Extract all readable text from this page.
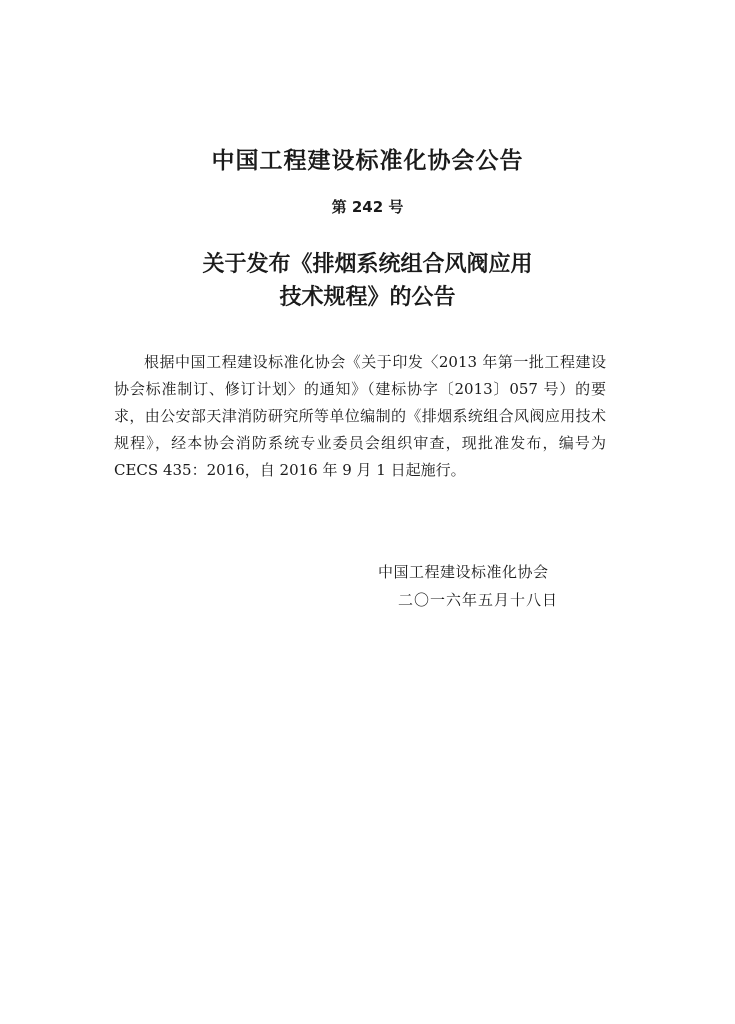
中国工程建设标准化协会公告

第 242 号

关于发布《排烟系统组合风阀应用
技术规程》的公告

根据中国工程建设标准化协会《关于印发〈2013 年第一批工程建设协会标准制订、修订计划〉的通知》（建标协字〔2013〕057 号）的要求，由公安部天津消防研究所等单位编制的《排烟系统组合风阀应用技术规程》，经本协会消防系统专业委员会组织审查，现批准发布，编号为 CECS 435：2016，自 2016 年 9 月 1 日起施行。

中国工程建设标准化协会
二〇一六年五月十八日
